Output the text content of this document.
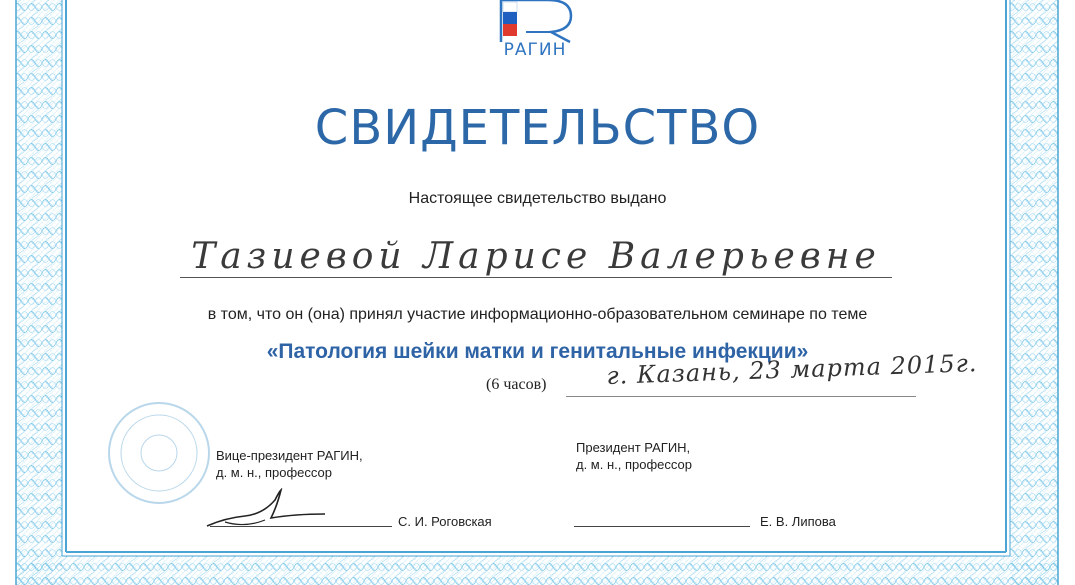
РАГИН
СВИДЕТЕЛЬСТВО
Настоящее свидетельство выдано
Тазиевой Ларисе Валерьевне
в том, что он (она) принял участие информационно-образовательном семинаре по теме
«Патология шейки матки и генитальные инфекции»
(6 часов) г. Казань, 23 марта 2015г.
Вице-президент РАГИН,
д. м. н., профессор
С. И. Роговская
Президент РАГИН,
д. м. н., профессор
Е. В. Липова
